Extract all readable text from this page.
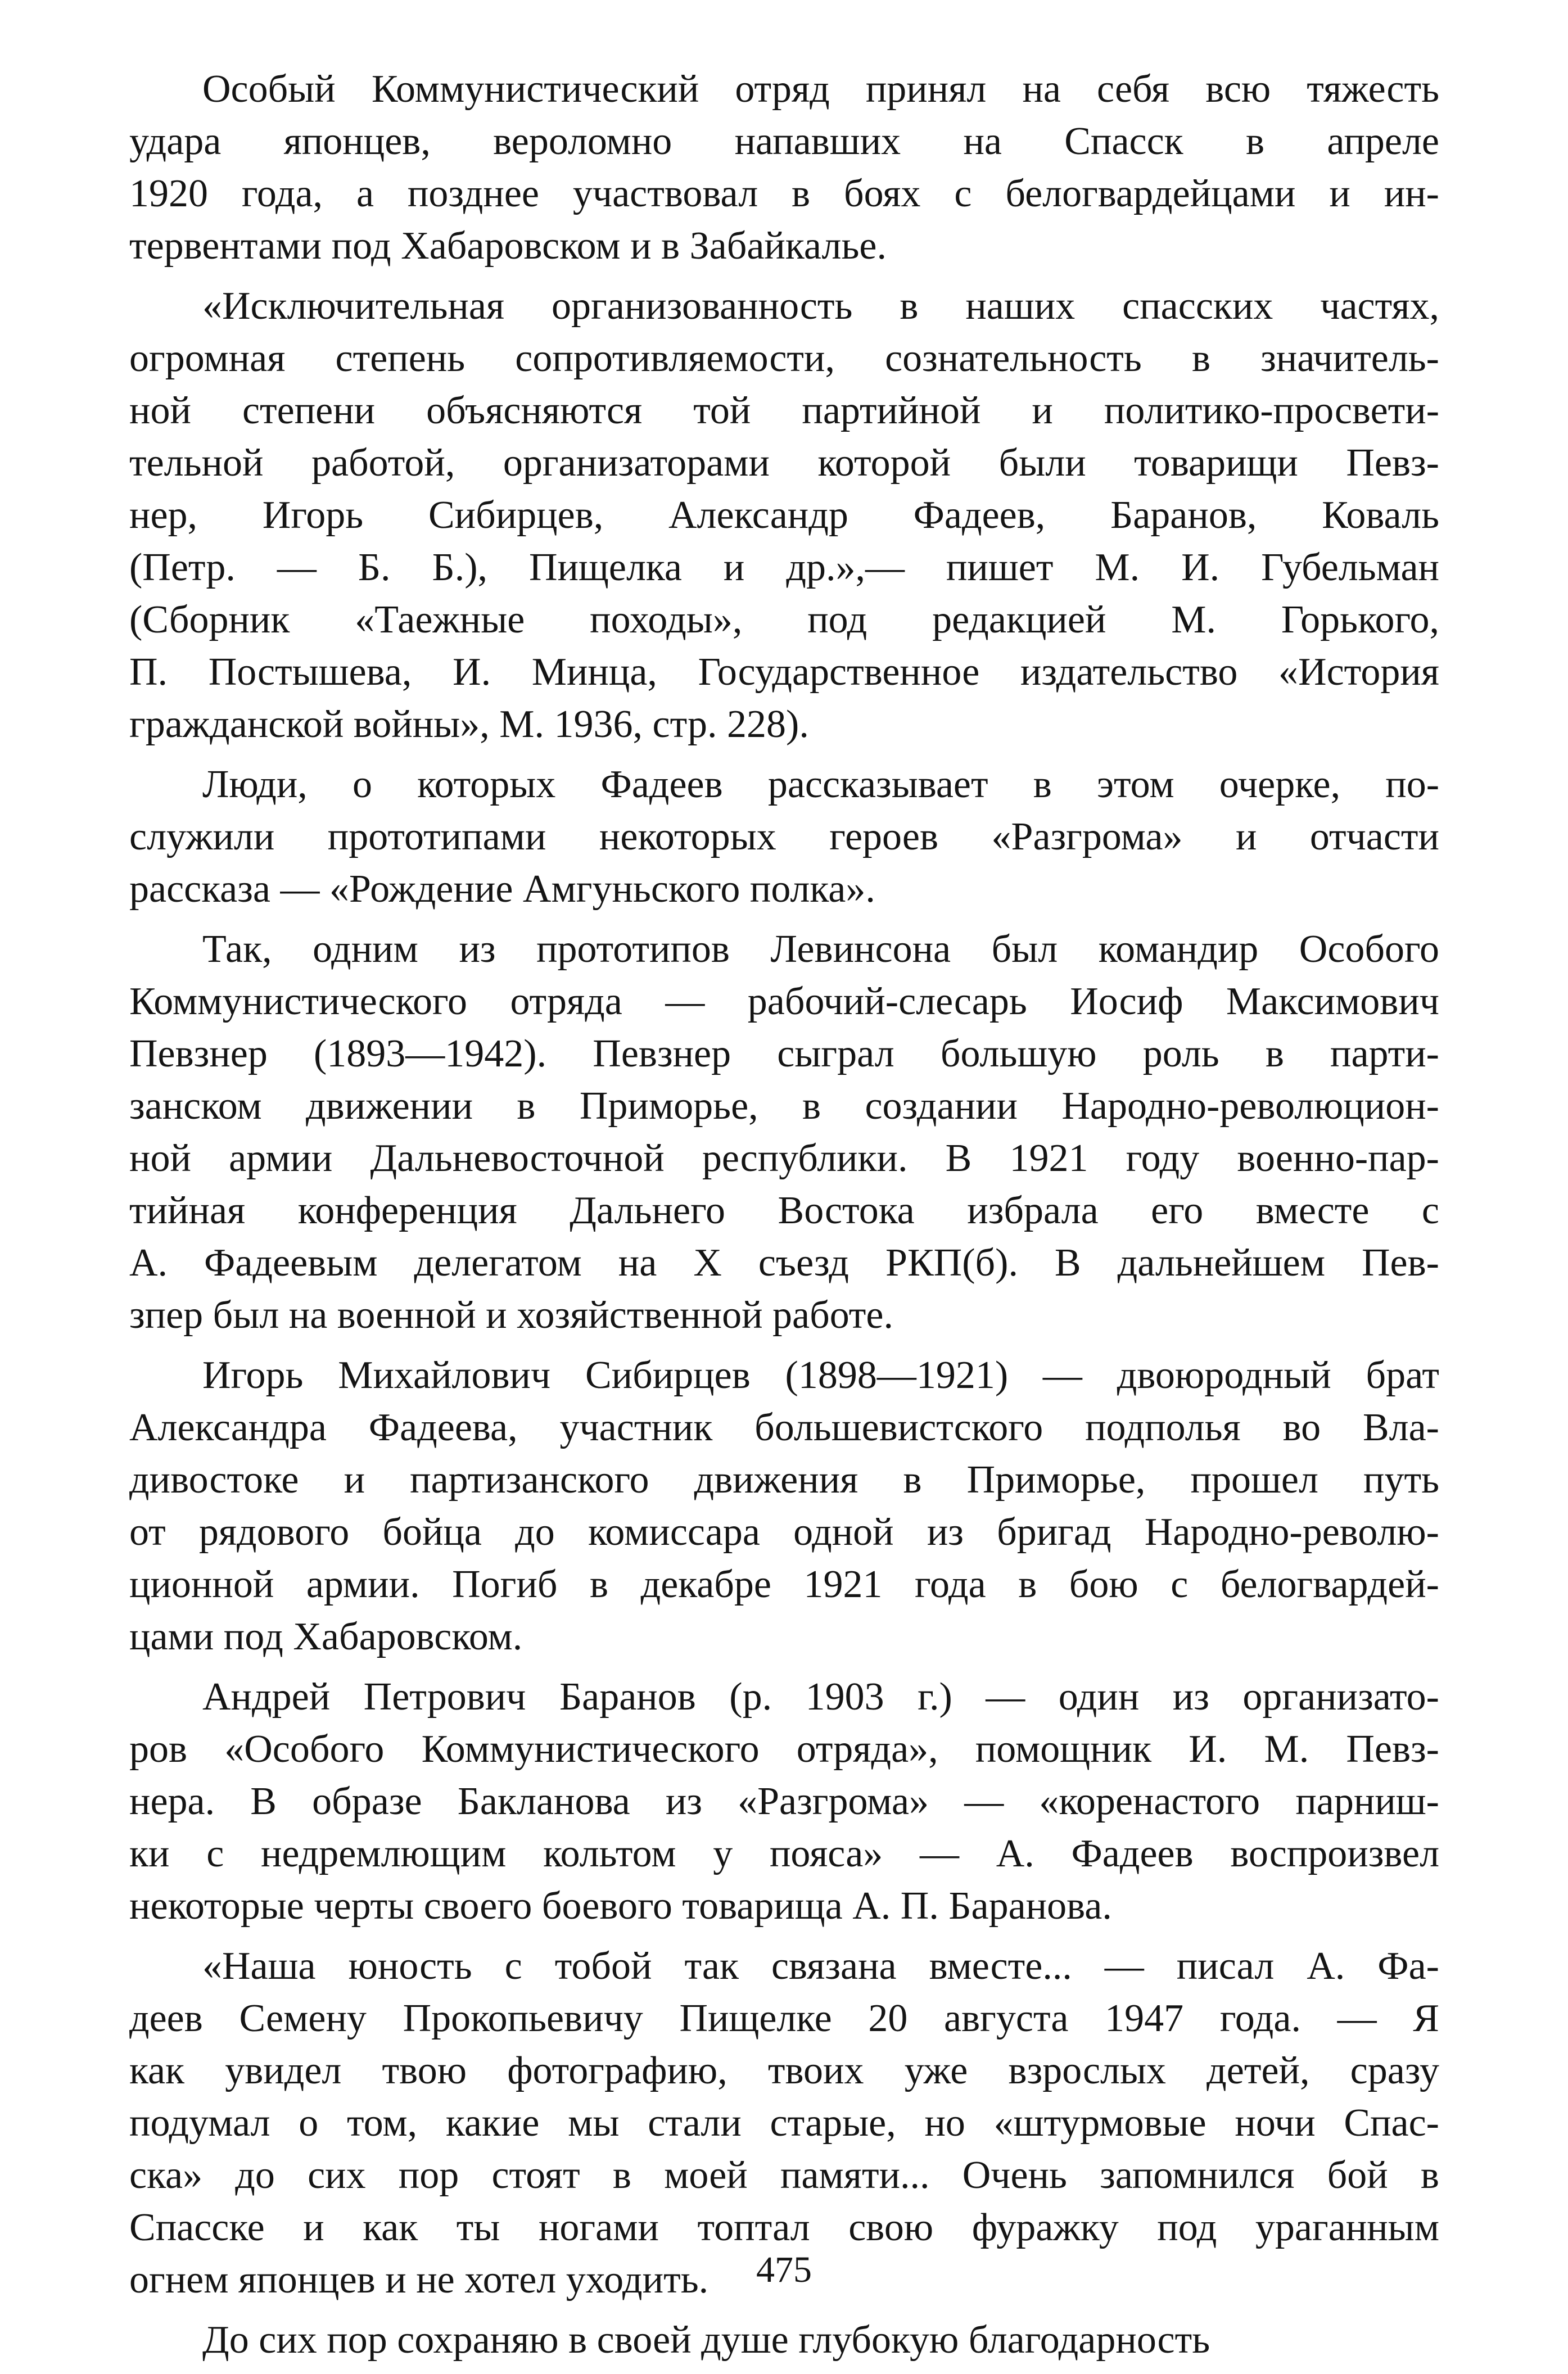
Особый Коммунистический отряд принял на себя всю тяжесть
удара японцев, вероломно напавших на Спасск в апреле
1920 года, а позднее участвовал в боях с белогвардейцами и ин-
тервентами под Хабаровском и в Забайкалье.
«Исключительная организованность в наших спасских частях,
огромная степень сопротивляемости, сознательность в значитель-
ной степени объясняются той партийной и политико-просвети-
тельной работой, организаторами которой были товарищи Певз-
нер, Игорь Сибирцев, Александр Фадеев, Баранов, Коваль
(Петр. — Б. Б.), Пищелка и др.»,— пишет М. И. Губельман
(Сборник «Таежные походы», под редакцией М. Горького,
П. Постышева, И. Минца, Государственное издательство «История
гражданской войны», М. 1936, стр. 228).
Люди, о которых Фадеев рассказывает в этом очерке, по-
служили прототипами некоторых героев «Разгрома» и отчасти
рассказа — «Рождение Амгуньского полка».
Так, одним из прототипов Левинсона был командир Особого
Коммунистического отряда — рабочий-слесарь Иосиф Максимович
Певзнер (1893—1942). Певзнер сыграл большую роль в парти-
занском движении в Приморье, в создании Народно-революцион-
ной армии Дальневосточной республики. В 1921 году военно-пар-
тийная конференция Дальнего Востока избрала его вместе с
А. Фадеевым делегатом на X съезд РКП(б). В дальнейшем Пев-
зпер был на военной и хозяйственной работе.
Игорь Михайлович Сибирцев (1898—1921) — двоюродный брат
Александра Фадеева, участник большевистского подполья во Вла-
дивостоке и партизанского движения в Приморье, прошел путь
от рядового бойца до комиссара одной из бригад Народно-револю-
ционной армии. Погиб в декабре 1921 года в бою с белогвардей-
цами под Хабаровском.
Андрей Петрович Баранов (р. 1903 г.) — один из организато-
ров «Особого Коммунистического отряда», помощник И. М. Певз-
нера. В образе Бакланова из «Разгрома» — «коренастого парниш-
ки с недремлющим кольтом у пояса» — А. Фадеев воспроизвел
некоторые черты своего боевого товарища А. П. Баранова.
«Наша юность с тобой так связана вместе... — писал А. Фа-
деев Семену Прокопьевичу Пищелке 20 августа 1947 года. — Я
как увидел твою фотографию, твоих уже взрослых детей, сразу
подумал о том, какие мы стали старые, но «штурмовые ночи Спас-
ска» до сих пор стоят в моей памяти... Очень запомнился бой в
Спасске и как ты ногами топтал свою фуражку под ураганным
огнем японцев и не хотел уходить.
До сих пор сохраняю в своей душе глубокую благодарность
475
